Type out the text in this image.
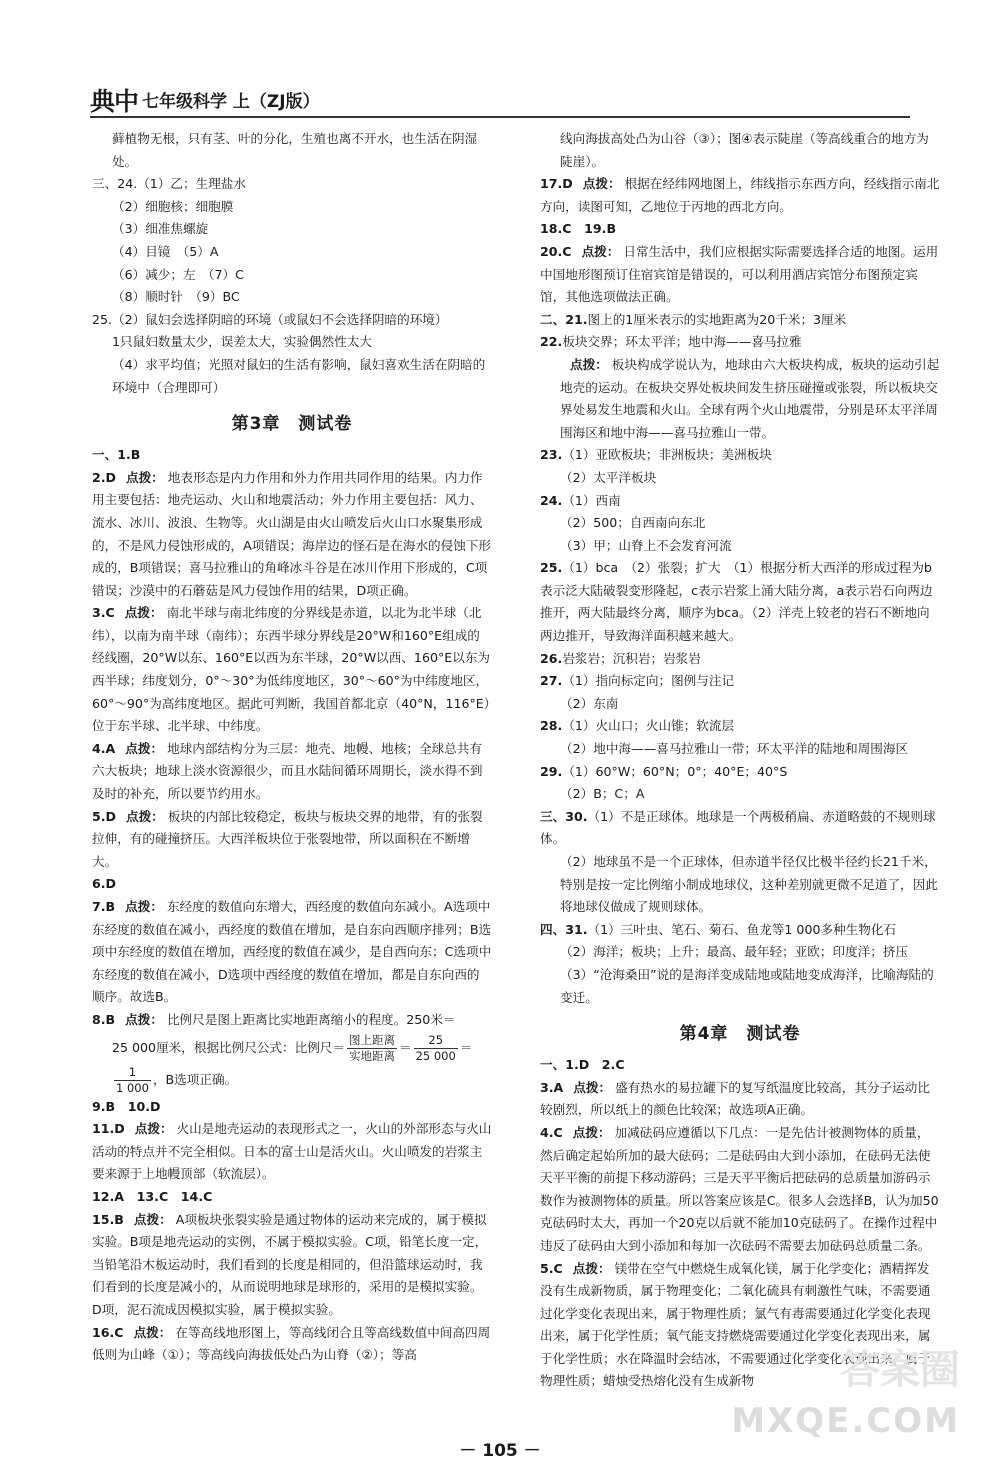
典中 七年级科学 上（ZJ版）

藓植物无根，只有茎、叶的分化，生殖也离不开水，也生活在阴湿处。

三、24.（1）乙；生理盐水

（2）细胞核；细胞膜

（3）细准焦螺旋

（4）目镜　（5）A

（6）减少；左　（7）C

（8）顺时针　（9）BC

25.（2）鼠妇会选择阴暗的环境（或鼠妇不会选择阴暗的环境）

1只鼠妇数量太少，误差太大，实验偶然性太大

（4）求平均值；光照对鼠妇的生活有影响，鼠妇喜欢生活在阴暗的环境中（合理即可）

第3章　测试卷

一、1.B

2.D 点拨： 地表形态是内力作用和外力作用共同作用的结果。内力作用主要包括：地壳运动、火山和地震活动；外力作用主要包括：风力、流水、冰川、波浪、生物等。火山湖是由火山喷发后火山口水聚集形成的，不是风力侵蚀形成的，A项错误；海岸边的怪石是在海水的侵蚀下形成的，B项错误；喜马拉雅山的角峰冰斗谷是在冰川作用下形成的，C项错误；沙漠中的石蘑菇是风力侵蚀作用的结果，D项正确。

3.C 点拨： 南北半球与南北纬度的分界线是赤道，以北为北半球（北纬），以南为南半球（南纬）；东西半球分界线是20°W和160°E组成的经线圈，20°W以东、160°E以西为东半球，20°W以西、160°E以东为西半球；纬度划分，0°～30°为低纬度地区，30°～60°为中纬度地区，60°～90°为高纬度地区。据此可判断，我国首都北京（40°N，116°E）位于东半球、北半球、中纬度。

4.A 点拨： 地球内部结构分为三层：地壳、地幔、地核；全球总共有六大板块；地球上淡水资源很少，而且水陆间循环周期长，淡水得不到及时的补充，所以要节约用水。

5.D 点拨： 板块的内部比较稳定，板块与板块交界的地带，有的张裂拉伸，有的碰撞挤压。大西洋板块位于张裂地带，所以面积在不断增大。

6.D

7.B 点拨： 东经度的数值向东增大，西经度的数值向东减小。A选项中东经度的数值在减小，西经度的数值在增加，是自东向西顺序排列；B选项中东经度的数值在增加，西经度的数值在减少，是自西向东；C选项中东经度的数值在减小，D选项中西经度的数值在增加，都是自东向西的顺序。故选B。

8.B 点拨： 比例尺是图上距离比实地距离缩小的程度。250米＝

25 000厘米，根据比例尺公式：比例尺＝ $\frac{\text{图上距离}}{\text{实地距离}} = \frac{25}{25 000}$ ＝

$\frac{1}{1 000}$ ，B选项正确。

9.B　10.D

11.D 点拨： 火山是地壳运动的表现形式之一，火山的外部形态与火山活动的特点并不完全相似。日本的富士山是活火山。火山喷发的岩浆主要来源于上地幔顶部（软流层）。

12.A　13.C　14.C

15.B 点拨： A项板块张裂实验是通过物体的运动来完成的，属于模拟实验。B项是地壳运动的实例，不属于模拟实验。C项，铅笔长度一定，当铅笔沿木板运动时，我们看到的长度是相同的，但沿篮球运动时，我们看到的长度是减小的，从而说明地球是球形的，采用的是模拟实验。D项，泥石流成因模拟实验，属于模拟实验。

16.C 点拨： 在等高线地形图上，等高线闭合且等高线数值中间高四周低则为山峰（①）；等高线向海拔低处凸为山脊（②）；等高

线向海拔高处凸为山谷（③）；图④表示陡崖（等高线重合的地方为陡崖）。

17.D 点拨： 根据在经纬网地图上，纬线指示东西方向，经线指示南北方向，读图可知，乙地位于丙地的西北方向。

18.C　19.B

20.C 点拨： 日常生活中，我们应根据实际需要选择合适的地图。运用中国地形图预订住宿宾馆是错误的，可以利用酒店宾馆分布图预定宾馆，其他选项做法正确。

二、21.图上的1厘米表示的实地距离为20千米；3厘米

22.板块交界；环太平洋；地中海——喜马拉雅

点拨： 板块构成学说认为，地球由六大板块构成，板块的运动引起地壳的运动。在板块交界处板块间发生挤压碰撞或张裂，所以板块交界处易发生地震和火山。全球有两个火山地震带，分别是环太平洋周围海区和地中海——喜马拉雅山一带。

23.（1）亚欧板块；非洲板块；美洲板块

（2）太平洋板块

24.（1）西南

（2）500；自西南向东北

（3）甲；山脊上不会发育河流

25.（1）bca　（2）张裂；扩大　（1）根据分析大西洋的形成过程为b表示泛大陆破裂变形隆起，c表示岩浆上涌大陆分离，a表示岩石向两边推开，两大陆最终分离，顺序为bca。（2）洋壳上较老的岩石不断地向两边推开，导致海洋面积越来越大。

26.岩浆岩；沉积岩；岩浆岩

27.（1）指向标定向；图例与注记

（2）东南

28.（1）火山口；火山锥；软流层

（2）地中海——喜马拉雅山一带；环太平洋的陆地和周围海区

29.（1）60°W；60°N；0°；40°E；40°S

（2）B；C；A

三、30.（1）不是正球体。地球是一个两极稍扁、赤道略鼓的不规则球体。

（2）地球虽不是一个正球体，但赤道半径仅比极半径约长21千米，特别是按一定比例缩小制成地球仪，这种差别就更微不足道了，因此将地球仪做成了规则球体。

四、31.（1）三叶虫、笔石、菊石、鱼龙等1 000多种生物化石

（2）海洋；板块；上升；最高、最年轻；亚欧；印度洋；挤压

（3）“沧海桑田”说的是海洋变成陆地或陆地变成海洋，比喻海陆的变迁。

第4章　测试卷

一、1.D　2.C

3.A 点拨： 盛有热水的易拉罐下的复写纸温度比较高，其分子运动比较剧烈，所以纸上的颜色比较深；故选项A正确。

4.C 点拨： 加减砝码应遵循以下几点：一是先估计被测物体的质量，然后确定起始所加的最大砝码；二是砝码由大到小添加，在砝码无法使天平平衡的前提下移动游码；三是天平平衡后把砝码的总质量加游码示数作为被测物体的质量。所以答案应该是C。很多人会选择B，认为加50克砝码时太大，再加一个20克以后就不能加10克砝码了。在操作过程中违反了砝码由大到小添加和每加一次砝码不需要去加砝码总质量二条。

5.C 点拨： 镁带在空气中燃烧生成氧化镁，属于化学变化；酒精挥发没有生成新物质，属于物理变化；二氧化硫具有刺激性气味，不需要通过化学变化表现出来，属于物理性质；氯气有毒需要通过化学变化表现出来，属于化学性质；氧气能支持燃烧需要通过化学变化表现出来，属于化学性质；水在降温时会结冰，不需要通过化学变化表现出来，属于物理性质；蜡烛受热熔化没有生成新物	答案圈
MXQE.COM
－ 105 －
